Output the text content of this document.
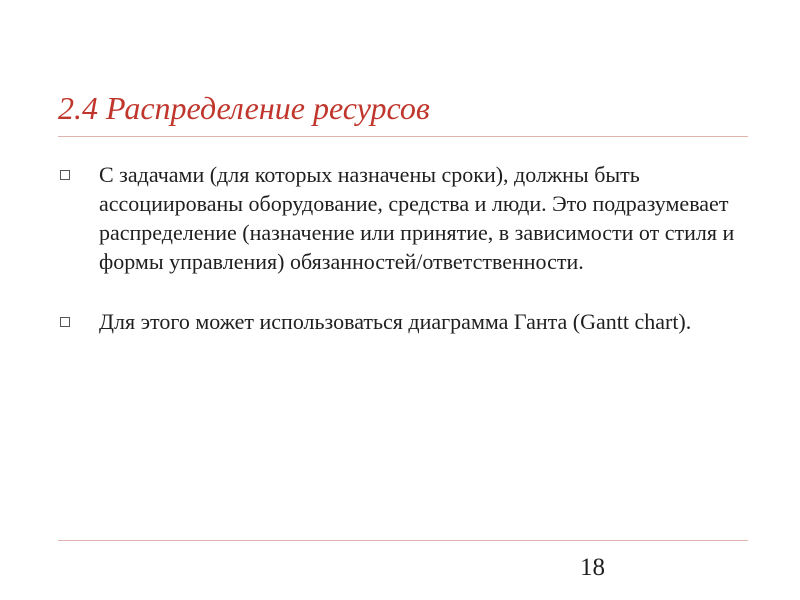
2.4 Распределение ресурсов
С задачами (для которых назначены сроки), должны быть ассоциированы оборудование, средства и люди. Это подразумевает распределение (назначение или принятие, в зависимости от стиля и формы управления) обязанностей/ответственности.
Для этого может использоваться диаграмма Ганта (Gantt chart).
18
